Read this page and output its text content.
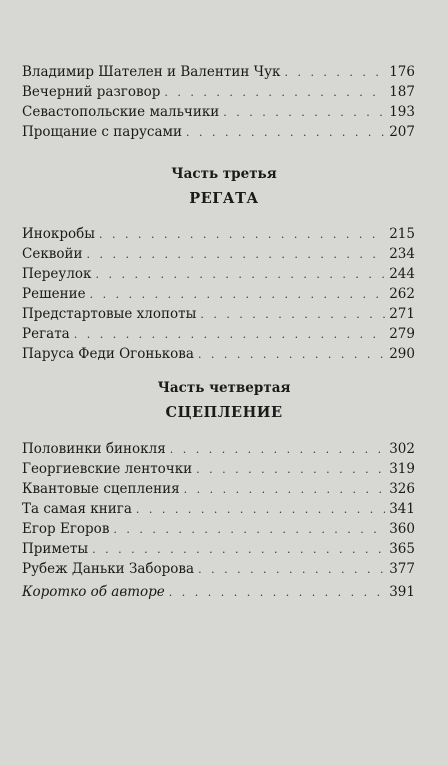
Владимир Шателен и Валентин Чук . . .	176
Вечерний разговор . . .	187
Севастопольские мальчики . . .	193
Прощание с парусами . . .	207
Часть третья
РЕГАТА
Инокробы . . .	215
Секвойи . . .	234
Переулок . . .	244
Решение . . .	262
Предстартовые хлопоты . . .	271
Регата . . .	279
Паруса Феди Огонькова . . .	290
Часть четвертая
СЦЕПЛЕНИЕ
Половинки бинокля . . .	302
Георгиевские ленточки . . .	319
Квантовые сцепления . . .	326
Та самая книга . . .	341
Егор Егоров . . .	360
Приметы . . .	365
Рубеж Даньки Заборова . . .	377
Коротко об авторе . . .	391
